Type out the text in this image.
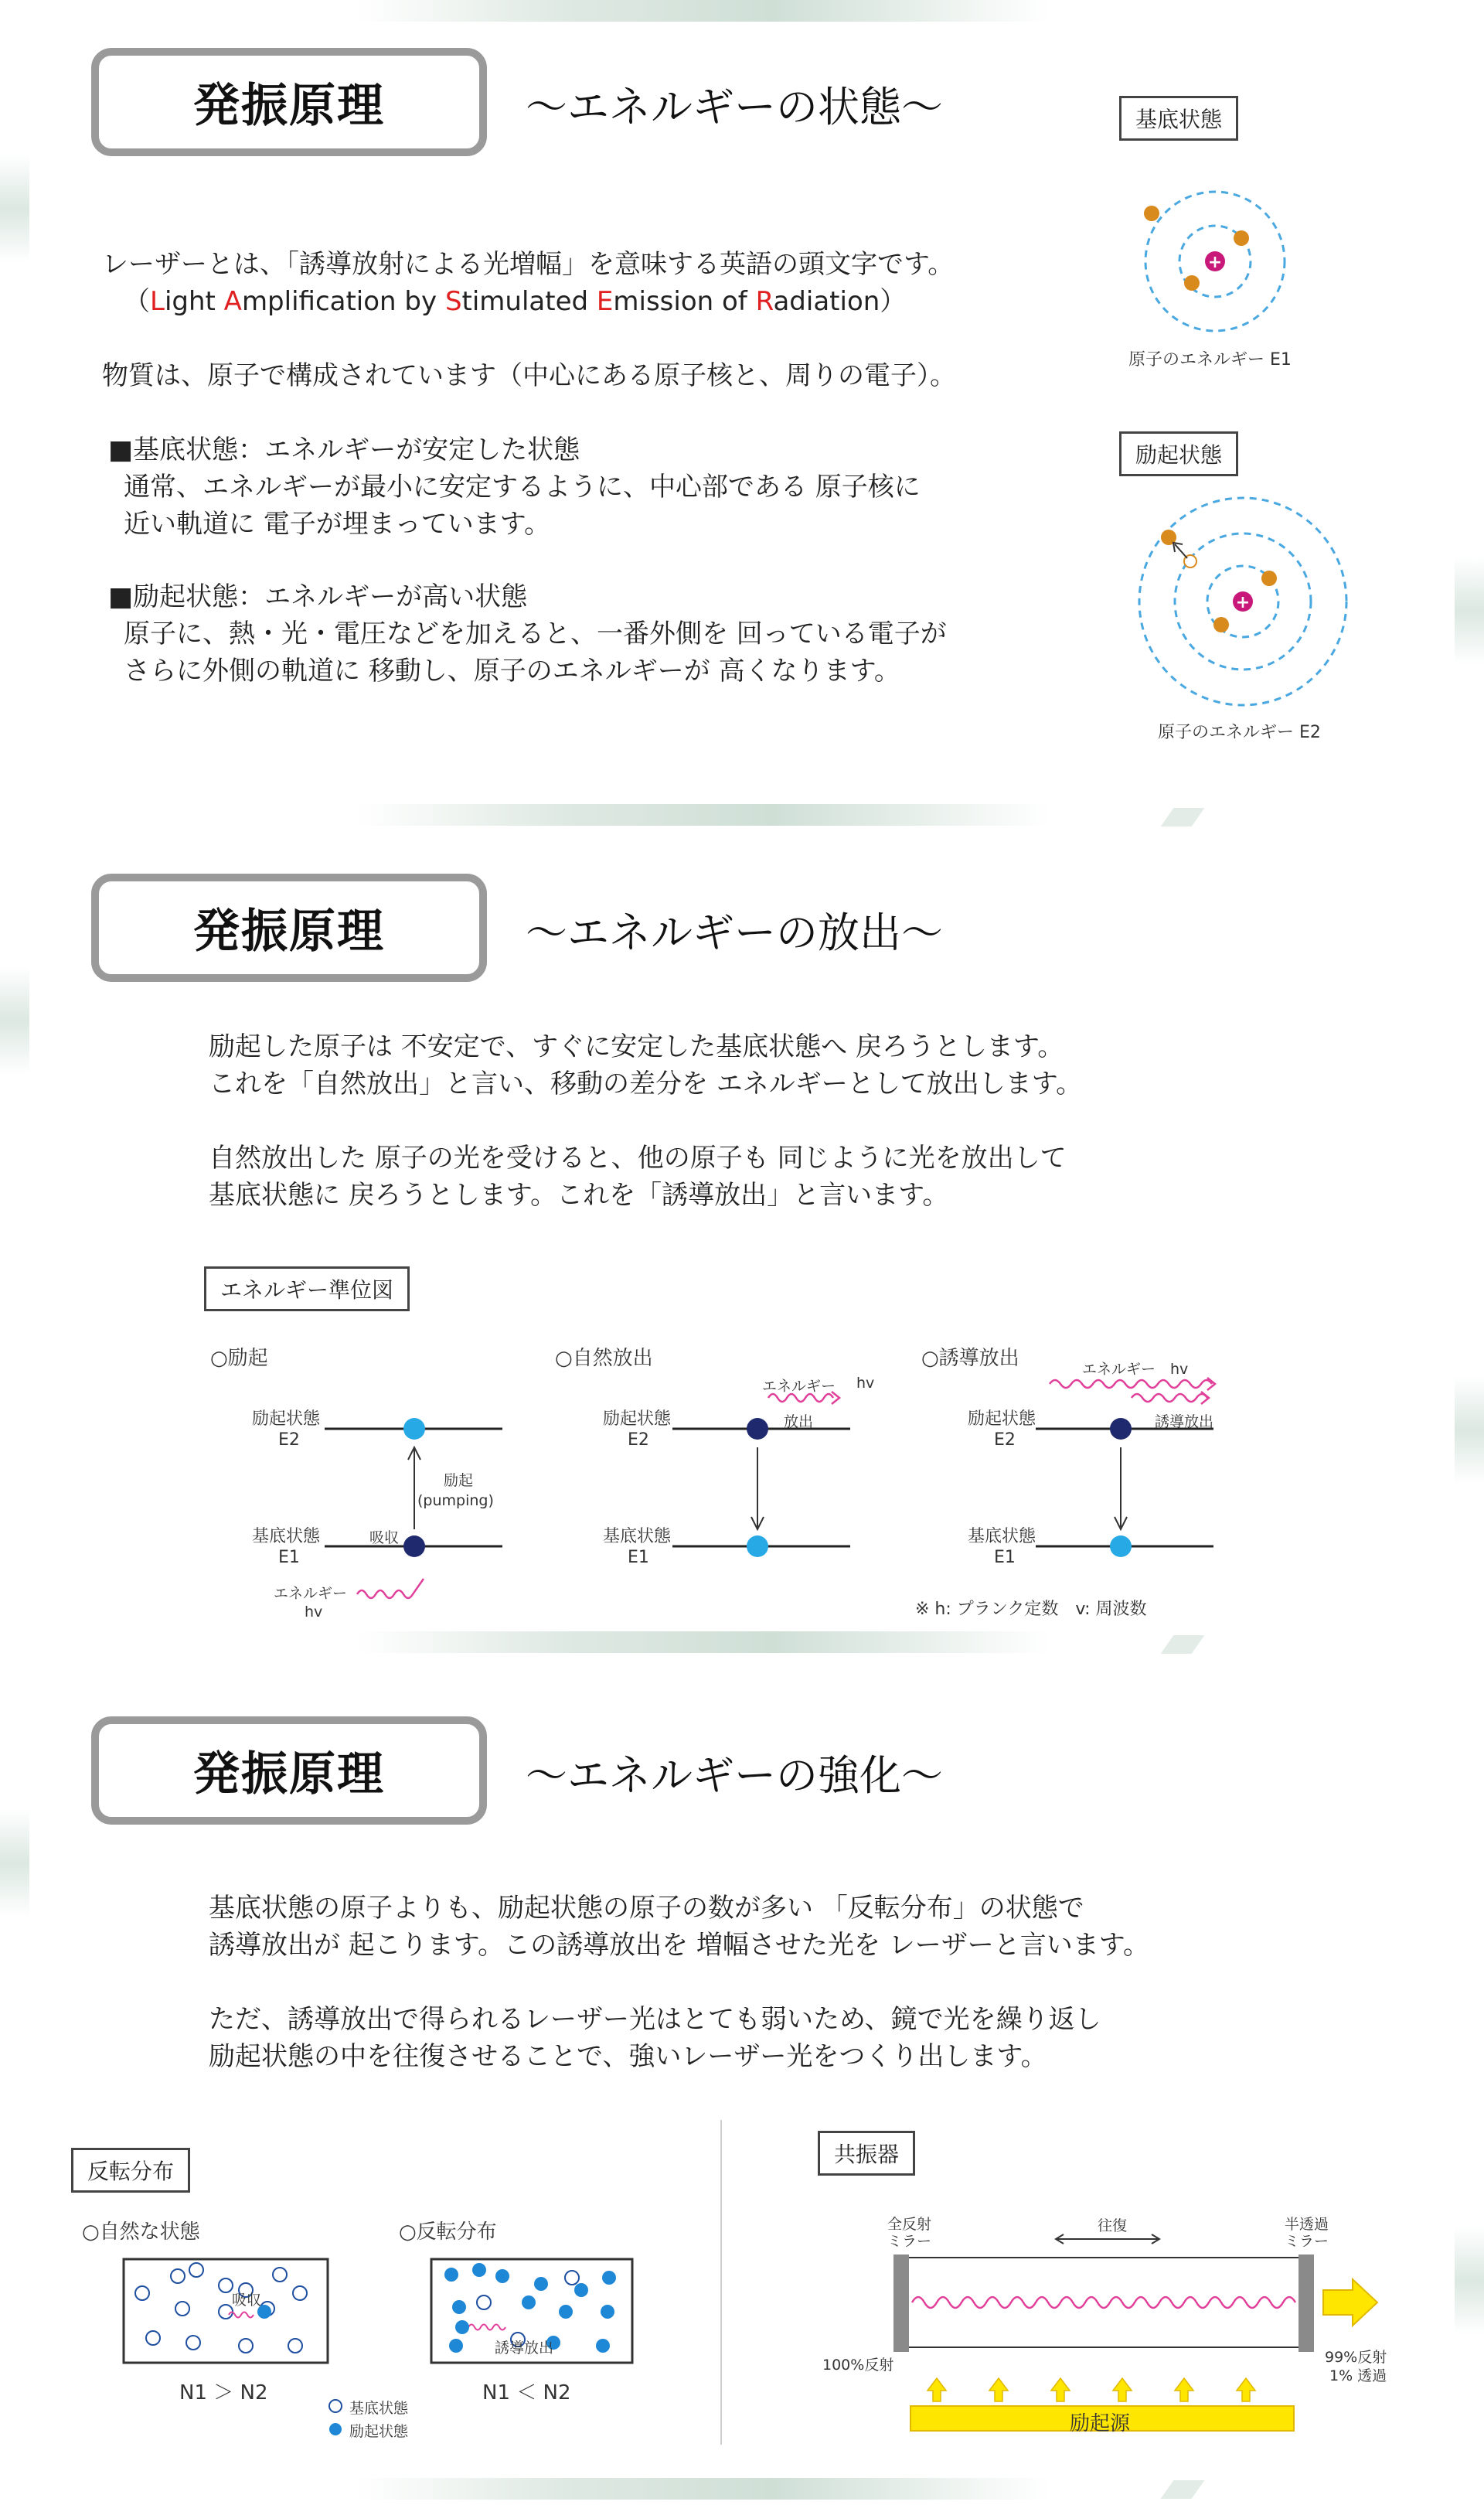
発振原理	～エネルギーの状態～
レーザーとは、「誘導放射による光増幅」を意味する英語の頭文字です。
（Light Amplification by Stimulated Emission of Radiation）
物質は、原子で構成されています（中心にある原子核と、周りの電子）。
■基底状態：エネルギーが安定した状態
通常、エネルギーが最小に安定するように、中心部である 原子核に
近い軌道に 電子が埋まっています。
■励起状態：エネルギーが高い状態
原子に、熱・光・電圧などを加えると、一番外側を 回っている電子が
さらに外側の軌道に 移動し、原子のエネルギーが 高くなります。
基底状態
+
原子のエネルギー E1
励起状態
+
原子のエネルギー E2
発振原理	～エネルギーの放出～
励起した原子は 不安定で、すぐに安定した基底状態へ 戻ろうとします。
これを「自然放出」と言い、移動の差分を エネルギーとして放出します。
自然放出した 原子の光を受けると、他の原子も 同じように光を放出して
基底状態に 戻ろうとします。これを「誘導放出」と言います。
エネルギー準位図
○励起	○自然放出	○誘導放出
励起状態
E2
基底状態
E1
励起
(pumping)
吸収
エネルギー
hv
励起状態
E2
基底状態
E1
エネルギー hv
放出	励起状態
E2
基底状態
E1
エネルギー　hv
誘導放出
※ h: プランク定数　v: 周波数
発振原理	～エネルギーの強化～
基底状態の原子よりも、励起状態の原子の数が多い 「反転分布」の状態で
誘導放出が 起こります。この誘導放出を 増幅させた光を レーザーと言います。
ただ、誘導放出で得られるレーザー光はとても弱いため、鏡で光を繰り返し
励起状態の中を往復させることで、強いレーザー光をつくり出します。
反転分布
○自然な状態	○反転分布
吸収
誘導放出
N1 ＞ N2	N1 ＜ N2
基底状態
励起状態
共振器
全反射
ミラー
半透過
ミラー
往復
100%反射	99%反射
1% 透過
励起源
